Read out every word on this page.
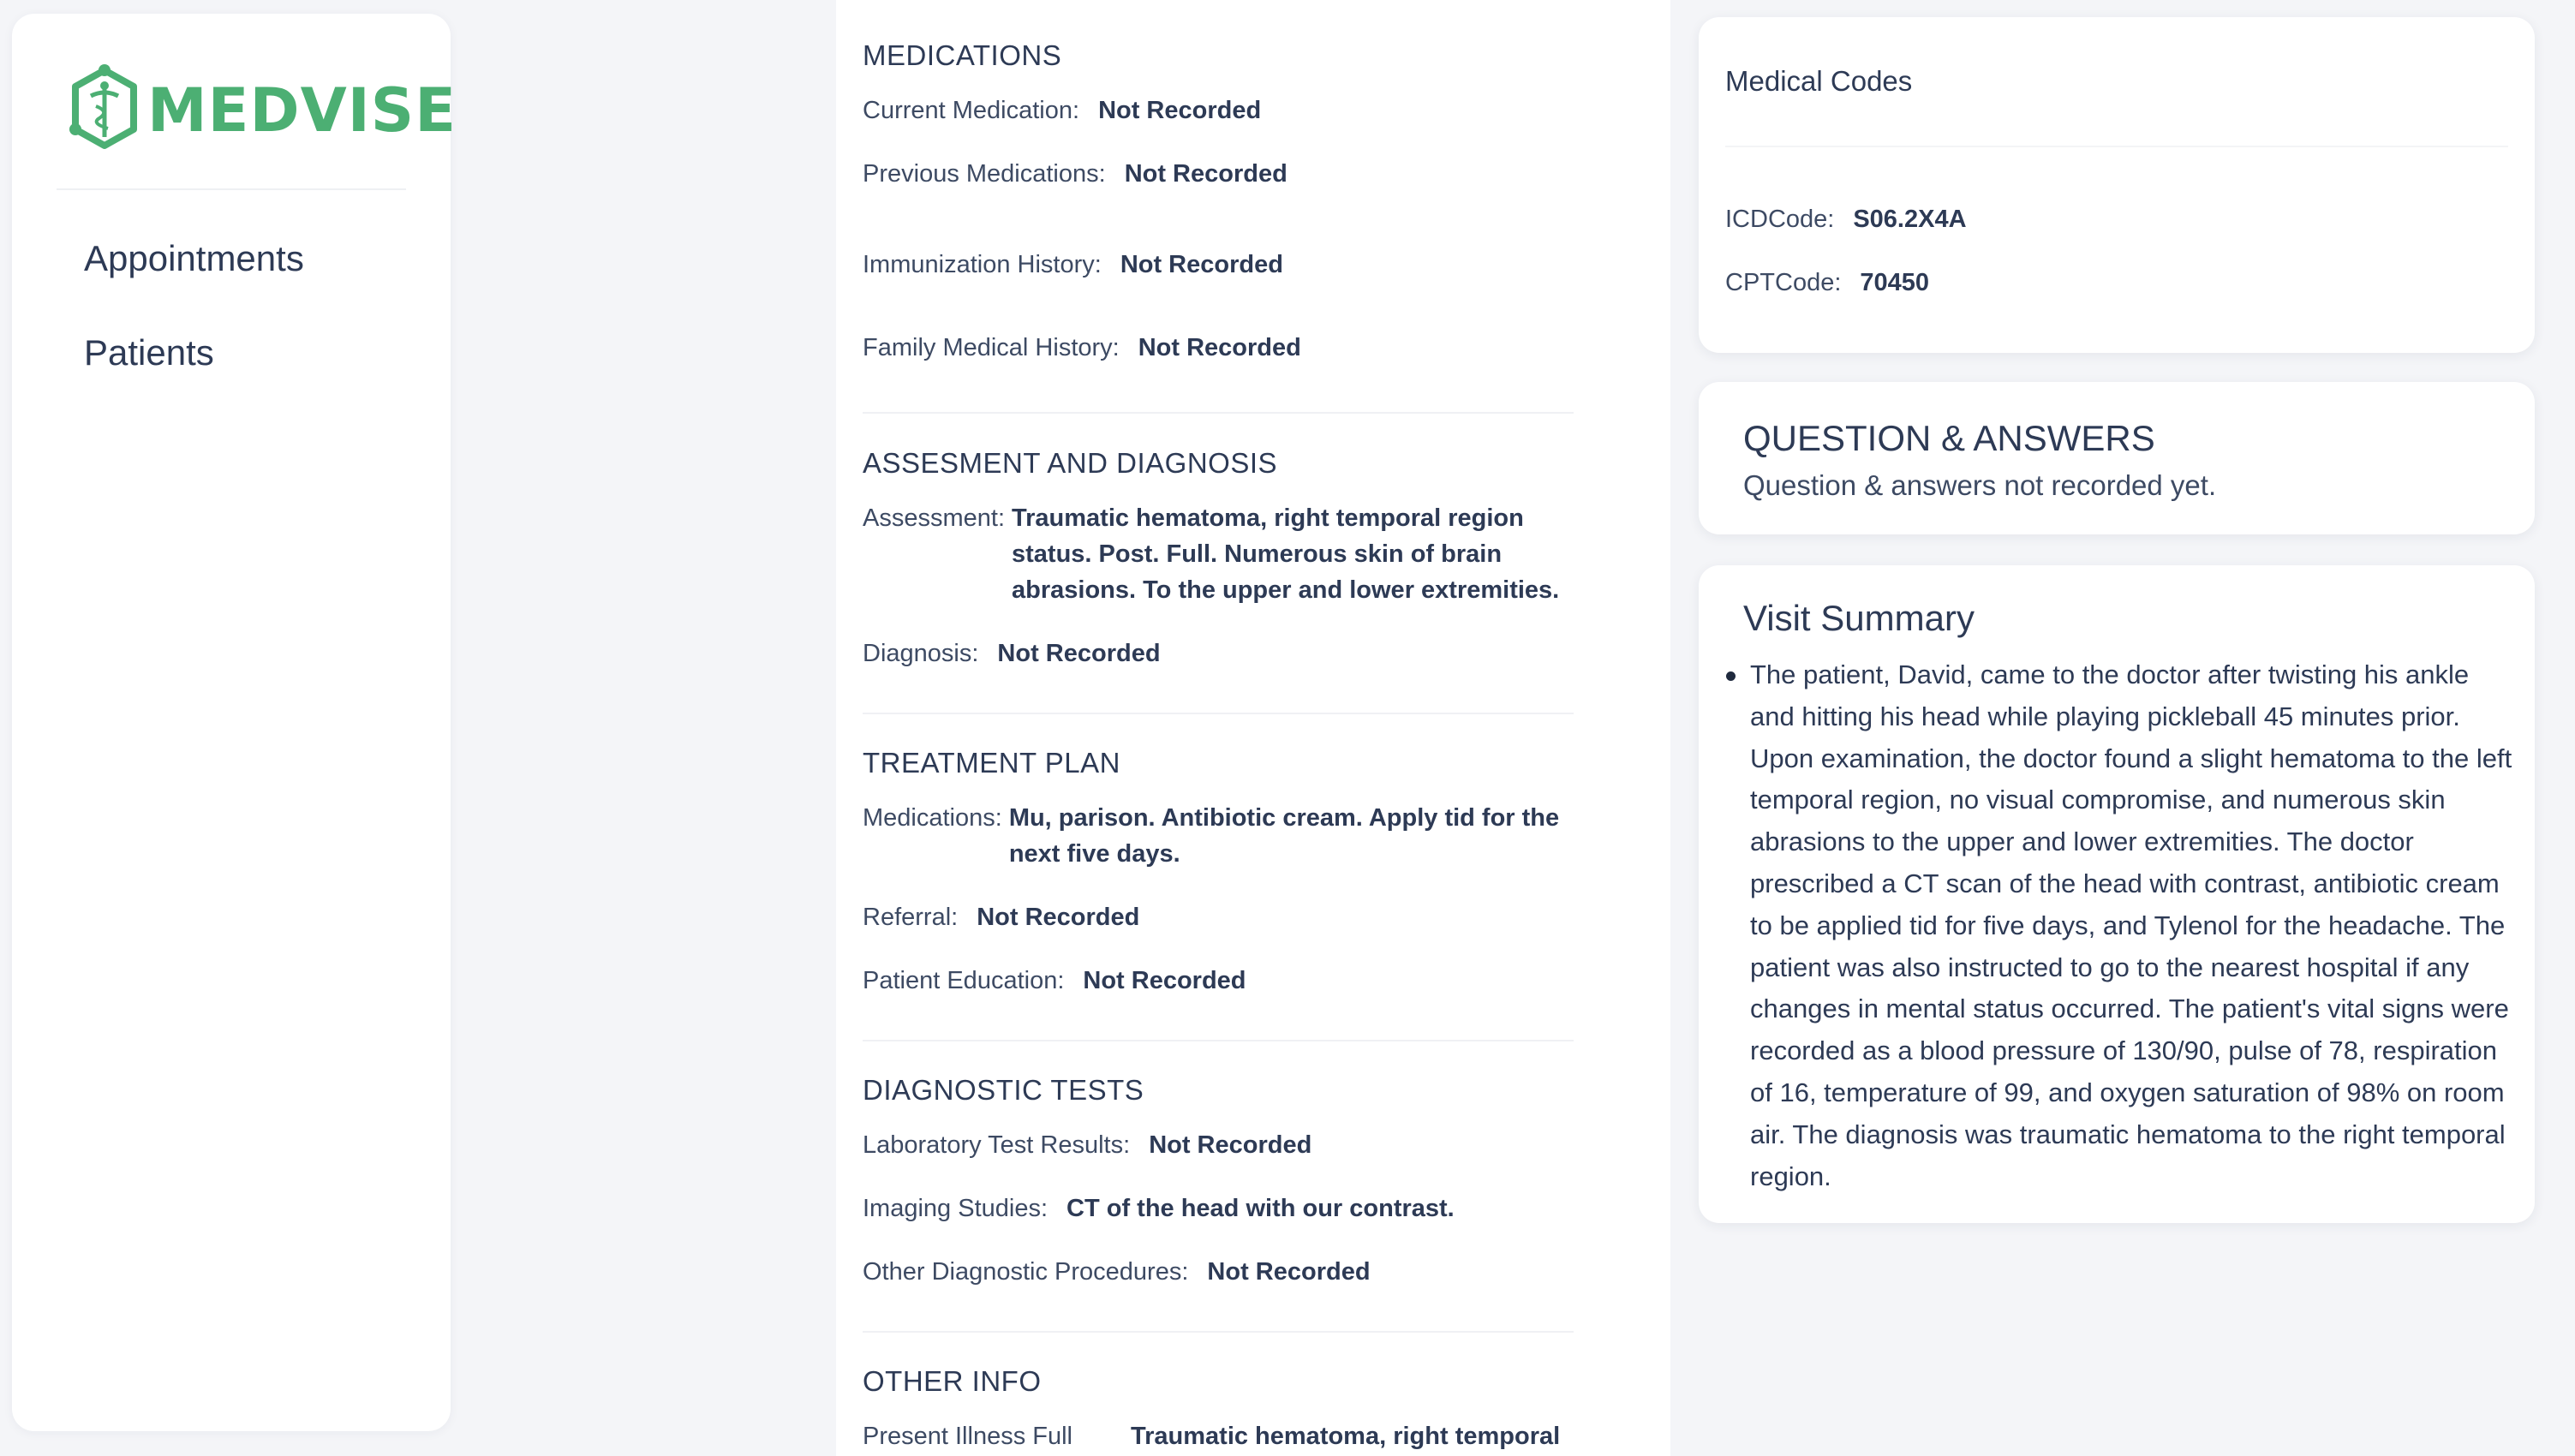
MEDVISE
Appointments
Patients
MEDICATIONS
Current Medication: Not Recorded
Previous Medications: Not Recorded
Immunization History: Not Recorded
Family Medical History: Not Recorded
ASSESMENT AND DIAGNOSIS
Assessment: Traumatic hematoma, right temporal region status. Post. Full. Numerous skin of brain abrasions. To the upper and lower extremities.
Diagnosis: Not Recorded
TREATMENT PLAN
Medications: Mu, parison. Antibiotic cream. Apply tid for the next five days.
Referral: Not Recorded
Patient Education: Not Recorded
DIAGNOSTIC TESTS
Laboratory Test Results: Not Recorded
Imaging Studies: CT of the head with our contrast.
Other Diagnostic Procedures: Not Recorded
OTHER INFO
Present Illness Full Traumatic hematoma, right temporal
Medical Codes
ICDCode: S06.2X4A
CPTCode: 70450
QUESTION & ANSWERS
Question & answers not recorded yet.
Visit Summary
The patient, David, came to the doctor after twisting his ankle and hitting his head while playing pickleball 45 minutes prior. Upon examination, the doctor found a slight hematoma to the left temporal region, no visual compromise, and numerous skin abrasions to the upper and lower extremities. The doctor prescribed a CT scan of the head with contrast, antibiotic cream to be applied tid for five days, and Tylenol for the headache. The patient was also instructed to go to the nearest hospital if any changes in mental status occurred. The patient's vital signs were recorded as a blood pressure of 130/90, pulse of 78, respiration of 16, temperature of 99, and oxygen saturation of 98% on room air. The diagnosis was traumatic hematoma to the right temporal region.
